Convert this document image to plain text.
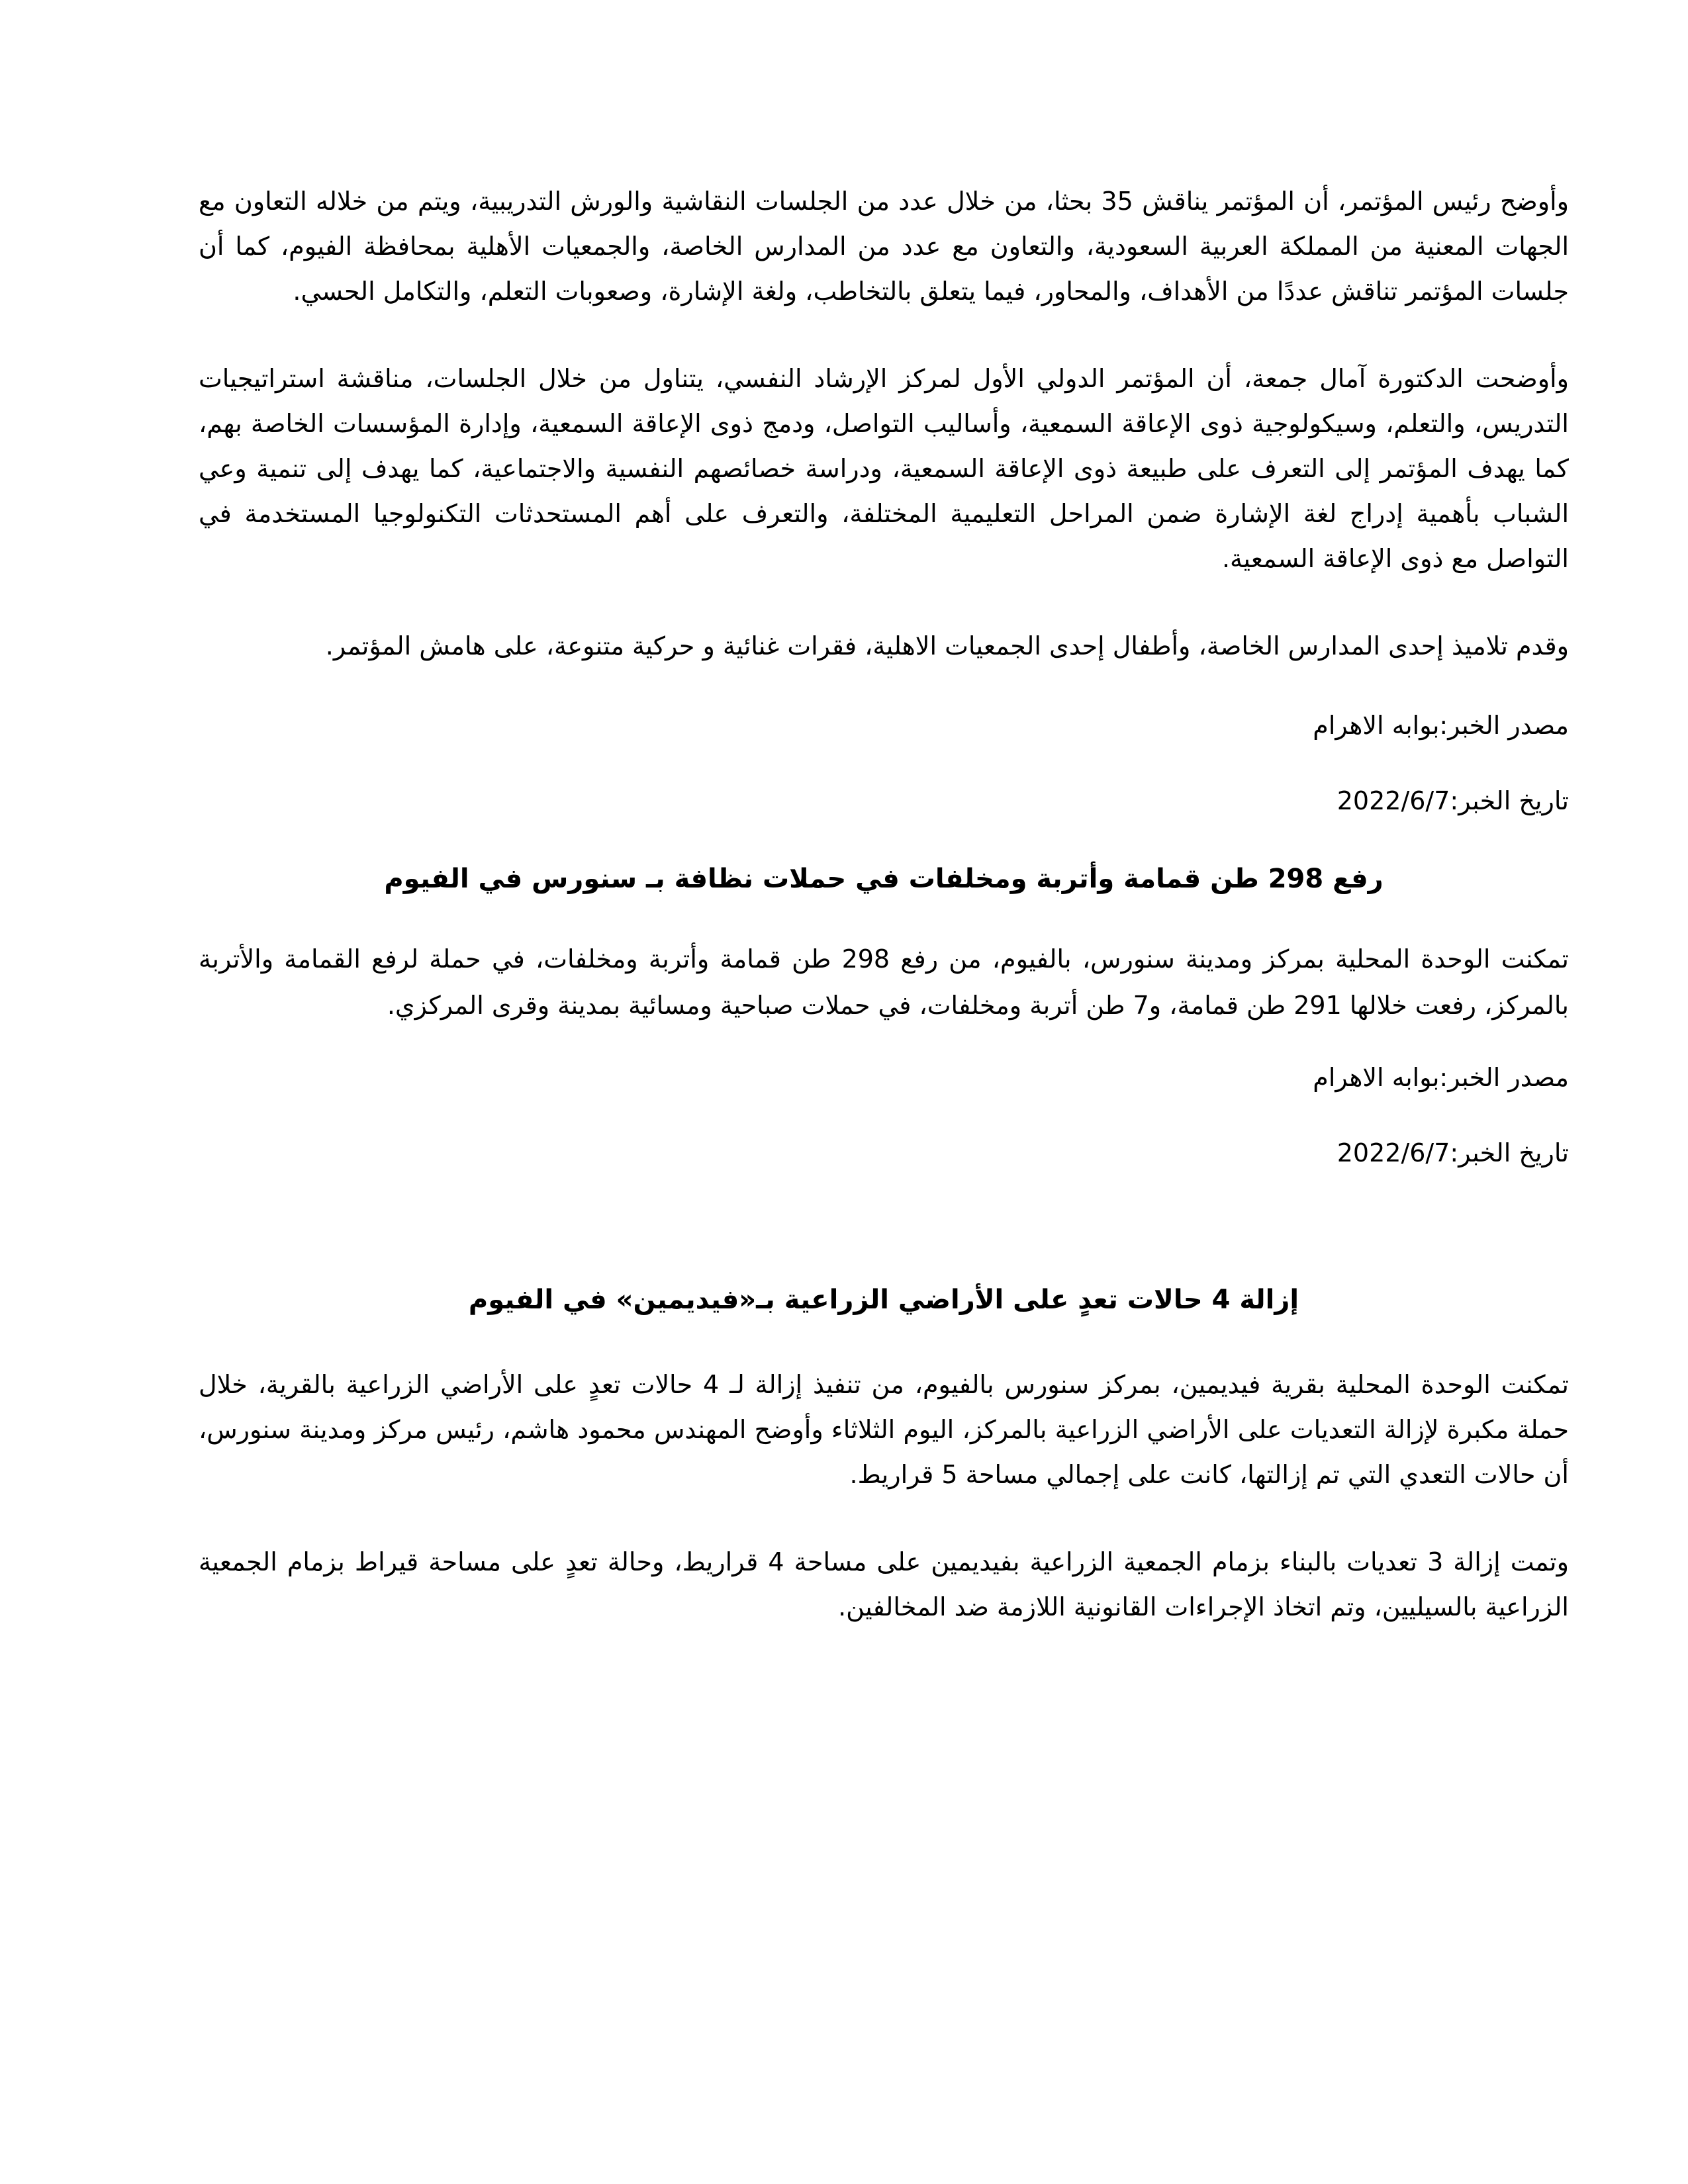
وأوضح رئيس المؤتمر، أن المؤتمر يناقش 35 بحثا، من خلال عدد من الجلسات النقاشية والورش التدريبية، ويتم من خلاله التعاون مع الجهات المعنية من المملكة العربية السعودية، والتعاون مع عدد من المدارس الخاصة، والجمعيات الأهلية بمحافظة الفيوم، كما أن جلسات المؤتمر تناقش عددًا من الأهداف، والمحاور، فيما يتعلق بالتخاطب، ولغة الإشارة، وصعوبات التعلم، والتكامل الحسي.

وأوضحت الدكتورة آمال جمعة، أن المؤتمر الدولي الأول لمركز الإرشاد النفسي، يتناول من خلال الجلسات، مناقشة استراتيجيات التدريس، والتعلم، وسيكولوجية ذوى الإعاقة السمعية، وأساليب التواصل، ودمج ذوى الإعاقة السمعية، وإدارة المؤسسات الخاصة بهم، كما يهدف المؤتمر إلى التعرف على طبيعة ذوى الإعاقة السمعية، ودراسة خصائصهم النفسية والاجتماعية، كما يهدف إلى تنمية وعي الشباب بأهمية إدراج لغة الإشارة ضمن المراحل التعليمية المختلفة، والتعرف على أهم المستحدثات التكنولوجيا المستخدمة في التواصل مع ذوى الإعاقة السمعية.

وقدم تلاميذ إحدى المدارس الخاصة، وأطفال إحدى الجمعيات الاهلية، فقرات غنائية و حركية متنوعة، على هامش المؤتمر.

مصدر الخبر:بوابه الاهرام

تاريخ الخبر:2022/6/7

رفع 298 طن قمامة وأتربة ومخلفات في حملات نظافة بـ سنورس في الفيوم

تمكنت الوحدة المحلية بمركز ومدينة سنورس، بالفيوم، من رفع 298 طن قمامة وأتربة ومخلفات، في حملة لرفع القمامة والأتربة بالمركز، رفعت خلالها 291 طن قمامة، و7 طن أتربة ومخلفات، في حملات صباحية ومسائية بمدينة وقرى المركزي.

مصدر الخبر:بوابه الاهرام

تاريخ الخبر:2022/6/7

إزالة 4 حالات تعدٍ على الأراضي الزراعية بـ«فيديمين» في الفيوم

تمكنت الوحدة المحلية بقرية فيديمين، بمركز سنورس بالفيوم، من تنفيذ إزالة لـ 4 حالات تعدٍ على الأراضي الزراعية بالقرية، خلال حملة مكبرة لإزالة التعديات على الأراضي الزراعية بالمركز، اليوم الثلاثاء وأوضح المهندس محمود هاشم، رئيس مركز ومدينة سنورس، أن حالات التعدي التي تم إزالتها، كانت على إجمالي مساحة 5 قراريط.

وتمت إزالة 3 تعديات بالبناء بزمام الجمعية الزراعية بفيديمين على مساحة 4 قراريط، وحالة تعدٍ على مساحة قيراط بزمام الجمعية الزراعية بالسيليين، وتم اتخاذ الإجراءات القانونية اللازمة ضد المخالفين.
